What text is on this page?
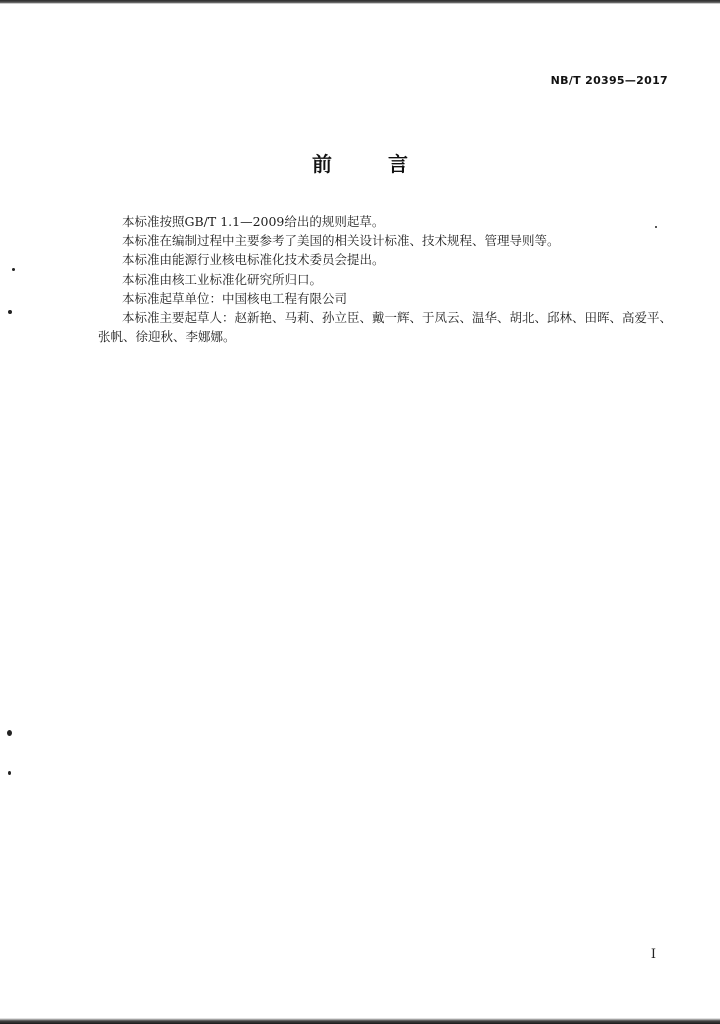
NB/T 20395—2017
前　言

本标准按照GB/T 1.1—2009给出的规则起草。

本标准在编制过程中主要参考了美国的相关设计标准、技术规程、管理导则等。

本标准由能源行业核电标准化技术委员会提出。

本标准由核工业标准化研究所归口。

本标准起草单位：中国核电工程有限公司

本标准主要起草人：赵新艳、马莉、孙立臣、戴一辉、于凤云、温华、胡北、邱林、田晖、高爱平、张帆、徐迎秋、李娜娜。

I
